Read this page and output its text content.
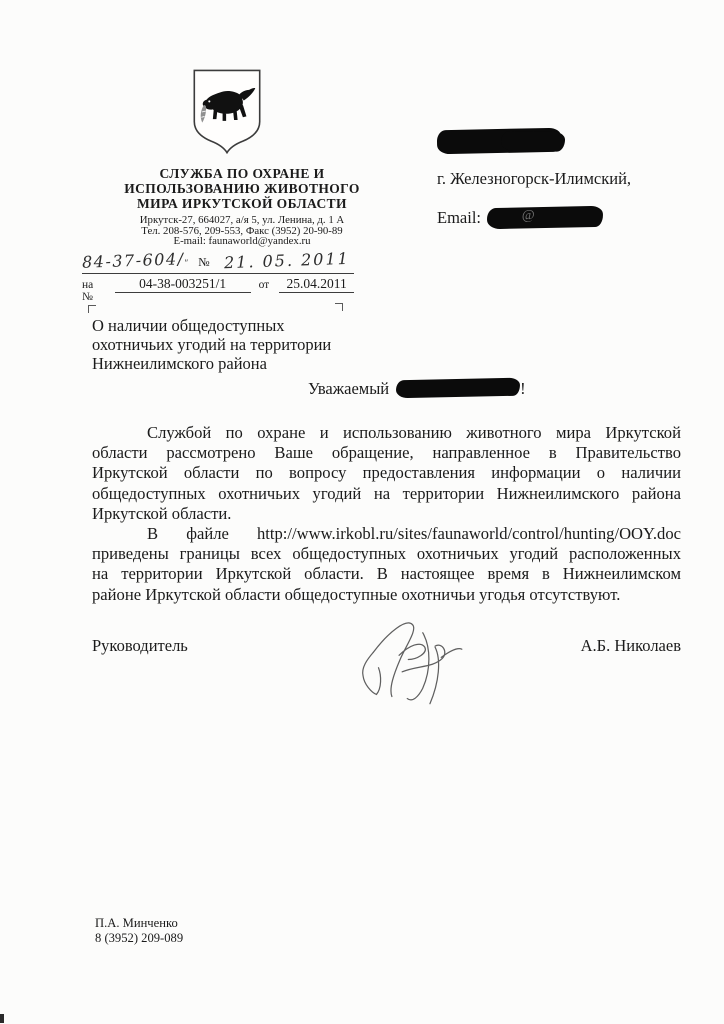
СЛУЖБА ПО ОХРАНЕ И
ИСПОЛЬЗОВАНИЮ ЖИВОТНОГО
МИРА ИРКУТСКОЙ ОБЛАСТИ
Иркутск-27, 664027, а/я 5, ул. Ленина, д. 1 А
Тел. 208-576, 209-553, Факс (3952) 20-90-89
E-mail: faunaworld@yandex.ru
84-37-604/ ″ № 21. 05. 2011
на №
04-38-003251/1	от	25.04.2011
О наличии общедоступных
охотничьих угодий на территории
Нижнеилимского района
г. Железногорск-Илимский,
Email:	@
Уважаемый	!
Службой по охране и использованию животного мира Иркутской
области рассмотрено Ваше обращение, направленное в Правительство
Иркутской области по вопросу предоставления информации о наличии
общедоступных охотничьих угодий на территории Нижнеилимского района
Иркутской области.
В файле http://www.irkobl.ru/sites/faunaworld/control/hunting/OOY.doc
приведены границы всех общедоступных охотничьих угодий расположенных
на территории Иркутской области. В настоящее время в Нижнеилимском
районе Иркутской области общедоступные охотничьи угодья отсутствуют.
Руководитель	А.Б. Николаев
П.А. Минченко
8 (3952) 209-089
